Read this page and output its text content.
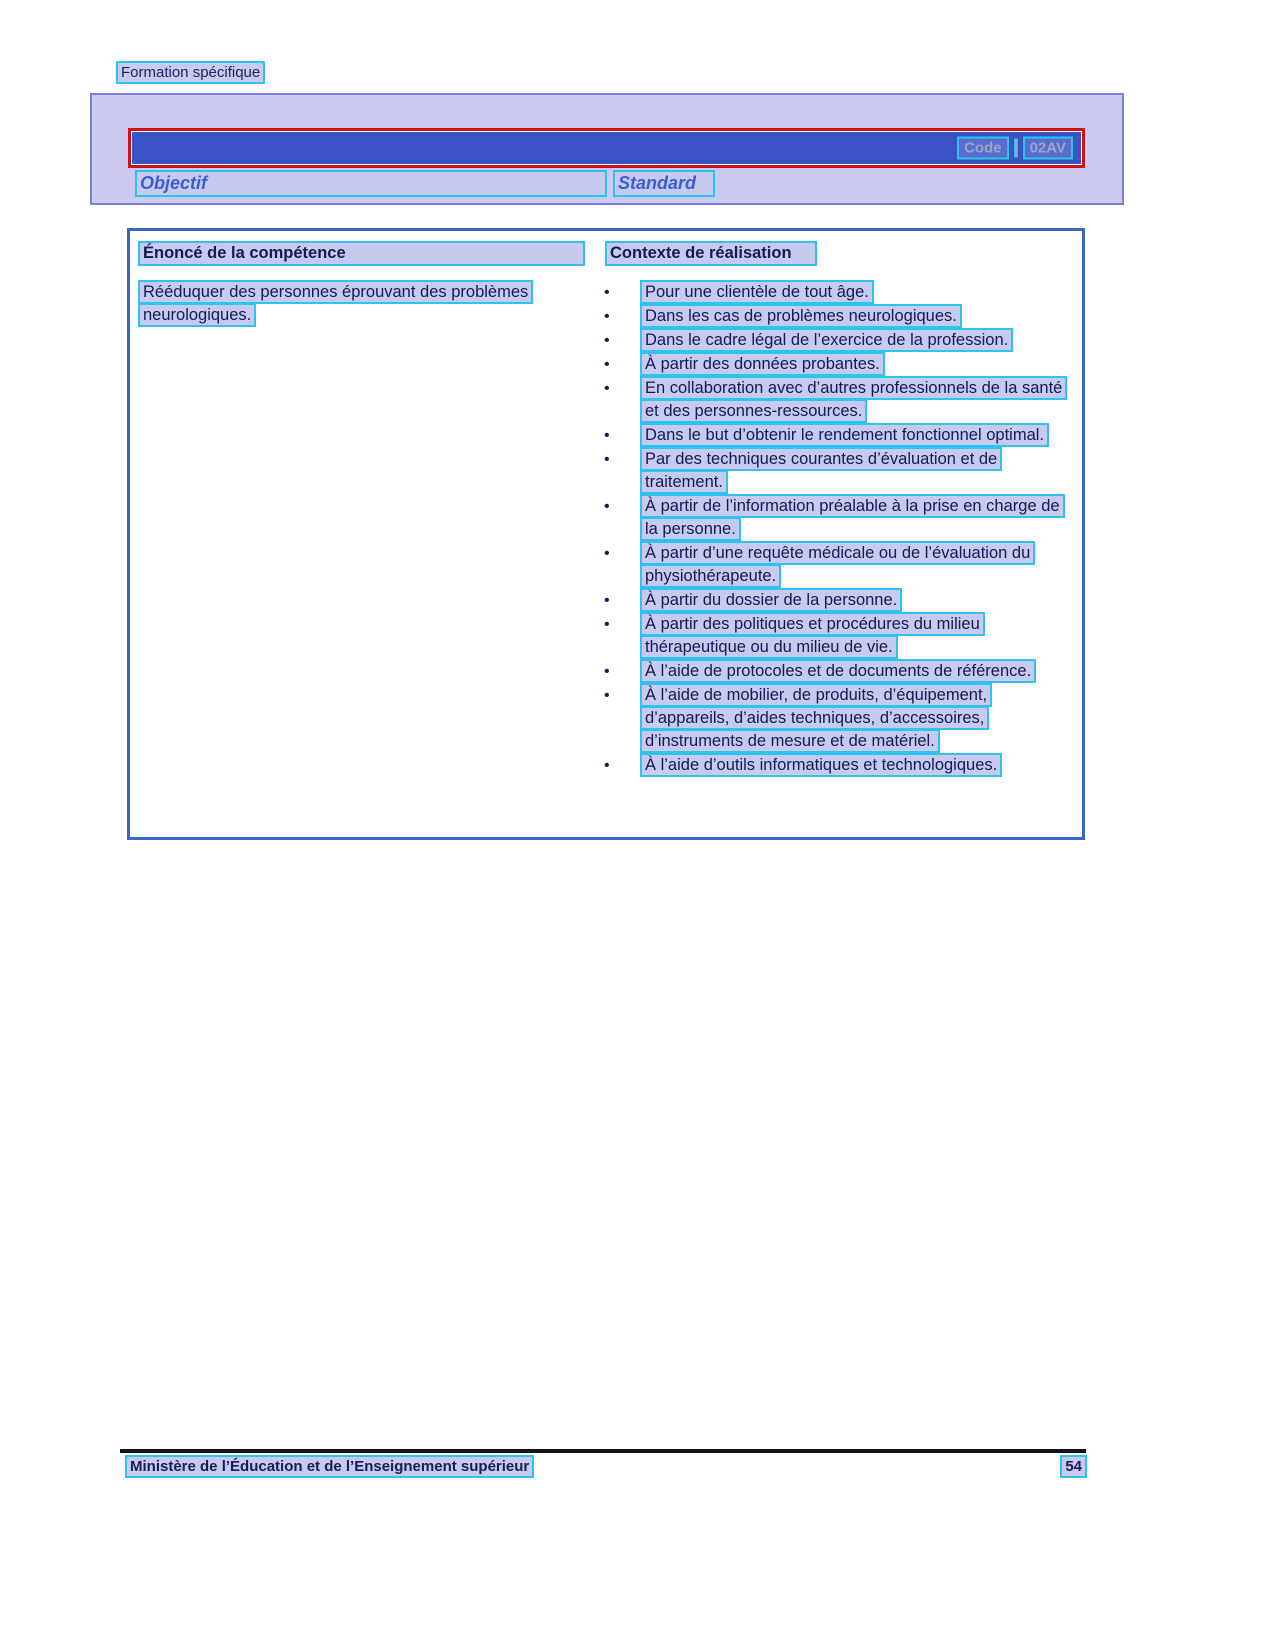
Formation spécifique
Code	02AV
Objectif	Standard
Énoncé de la compétence	Contexte de réalisation
Rééduquer des personnes éprouvant des problèmes neurologiques.
• Pour une clientèle de tout âge.
• Dans les cas de problèmes neurologiques.
• Dans le cadre légal de l’exercice de la profession.
• À partir des données probantes.
• En collaboration avec d’autres professionnels de la santé et des personnes-ressources.
• Dans le but d’obtenir le rendement fonctionnel optimal.
• Par des techniques courantes d’évaluation et de traitement.
• À partir de l’information préalable à la prise en charge de la personne.
• À partir d’une requête médicale ou de l’évaluation du physiothérapeute.
• À partir du dossier de la personne.
• À partir des politiques et procédures du milieu thérapeutique ou du milieu de vie.
• À l’aide de protocoles et de documents de référence.
• À l’aide de mobilier, de produits, d’équipement, d’appareils, d’aides techniques, d’accessoires, d’instruments de mesure et de matériel.
• À l’aide d’outils informatiques et technologiques.
Ministère de l’Éducation et de l’Enseignement supérieur	54
